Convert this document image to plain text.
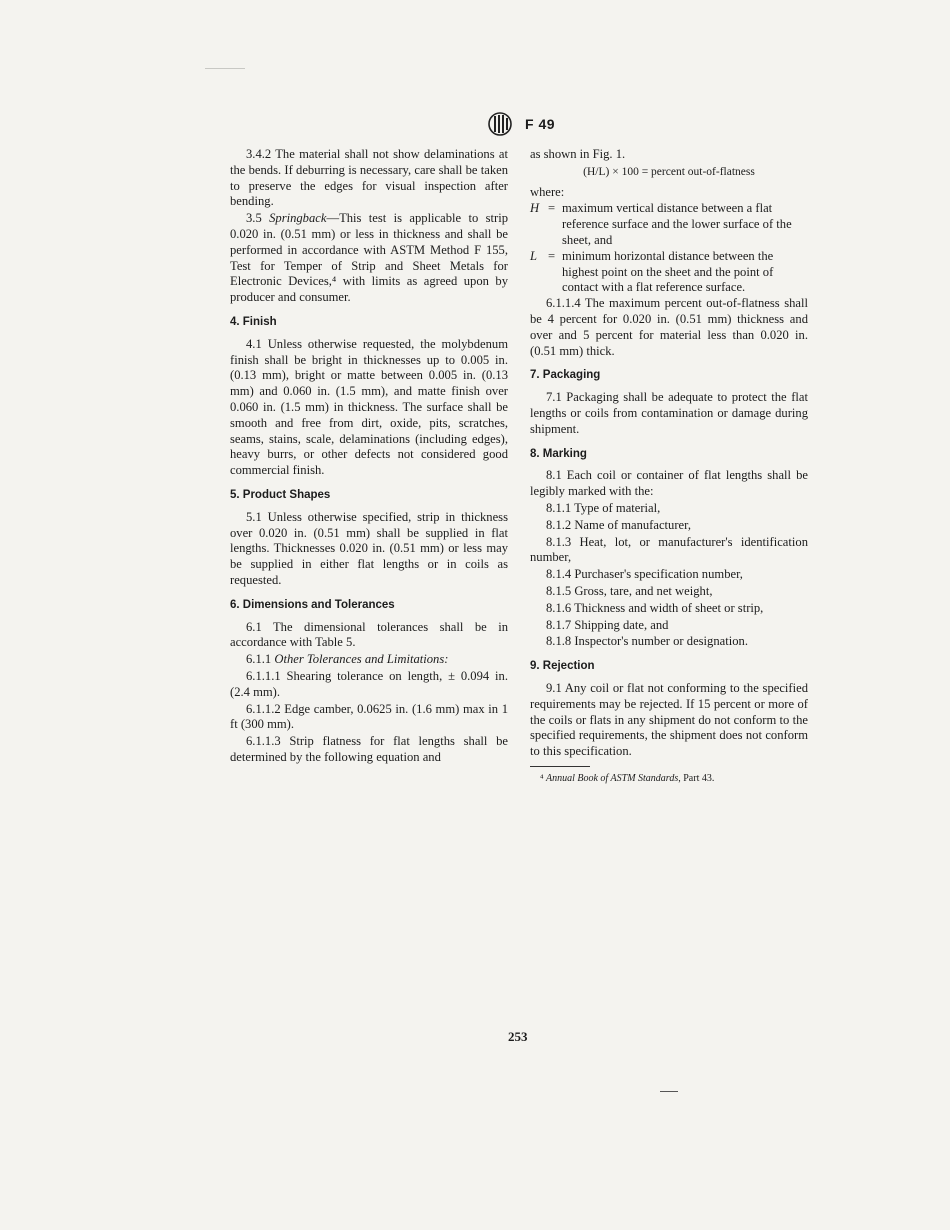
F 49

3.4.2 The material shall not show delaminations at the bends. If deburring is necessary, care shall be taken to preserve the edges for visual inspection after bending.

3.5 Springback—This test is applicable to strip 0.020 in. (0.51 mm) or less in thickness and shall be performed in accordance with ASTM Method F 155, Test for Temper of Strip and Sheet Metals for Electronic Devices,⁴ with limits as agreed upon by producer and consumer.

4. Finish

4.1 Unless otherwise requested, the molybdenum finish shall be bright in thicknesses up to 0.005 in. (0.13 mm), bright or matte between 0.005 in. (0.13 mm) and 0.060 in. (1.5 mm), and matte finish over 0.060 in. (1.5 mm) in thickness. The surface shall be smooth and free from dirt, oxide, pits, scratches, seams, stains, scale, delaminations (including edges), heavy burrs, or other defects not considered good commercial finish.

5. Product Shapes

5.1 Unless otherwise specified, strip in thickness over 0.020 in. (0.51 mm) shall be supplied in flat lengths. Thicknesses 0.020 in. (0.51 mm) or less may be supplied in either flat lengths or in coils as requested.

6. Dimensions and Tolerances

6.1 The dimensional tolerances shall be in accordance with Table 5.

6.1.1 Other Tolerances and Limitations:

6.1.1.1 Shearing tolerance on length, ± 0.094 in. (2.4 mm).

6.1.1.2 Edge camber, 0.0625 in. (1.6 mm) max in 1 ft (300 mm).

6.1.1.3 Strip flatness for flat lengths shall be determined by the following equation and

as shown in Fig. 1.

(H/L) × 100 = percent out-of-flatness

where:

H = maximum vertical distance between a flat reference surface and the lower surface of the sheet, and
L = minimum horizontal distance between the highest point on the sheet and the point of contact with a flat reference surface.

6.1.1.4 The maximum percent out-of-flatness shall be 4 percent for 0.020 in. (0.51 mm) thickness and over and 5 percent for material less than 0.020 in. (0.51 mm) thick.

7. Packaging

7.1 Packaging shall be adequate to protect the flat lengths or coils from contamination or damage during shipment.

8. Marking

8.1 Each coil or container of flat lengths shall be legibly marked with the:

8.1.1 Type of material,

8.1.2 Name of manufacturer,

8.1.3 Heat, lot, or manufacturer's identification number,

8.1.4 Purchaser's specification number,

8.1.5 Gross, tare, and net weight,

8.1.6 Thickness and width of sheet or strip,

8.1.7 Shipping date, and

8.1.8 Inspector's number or designation.

9. Rejection

9.1 Any coil or flat not conforming to the specified requirements may be rejected. If 15 percent or more of the coils or flats in any shipment do not conform to the specified requirements, the shipment does not conform to this specification.

⁴ Annual Book of ASTM Standards, Part 43.

253
